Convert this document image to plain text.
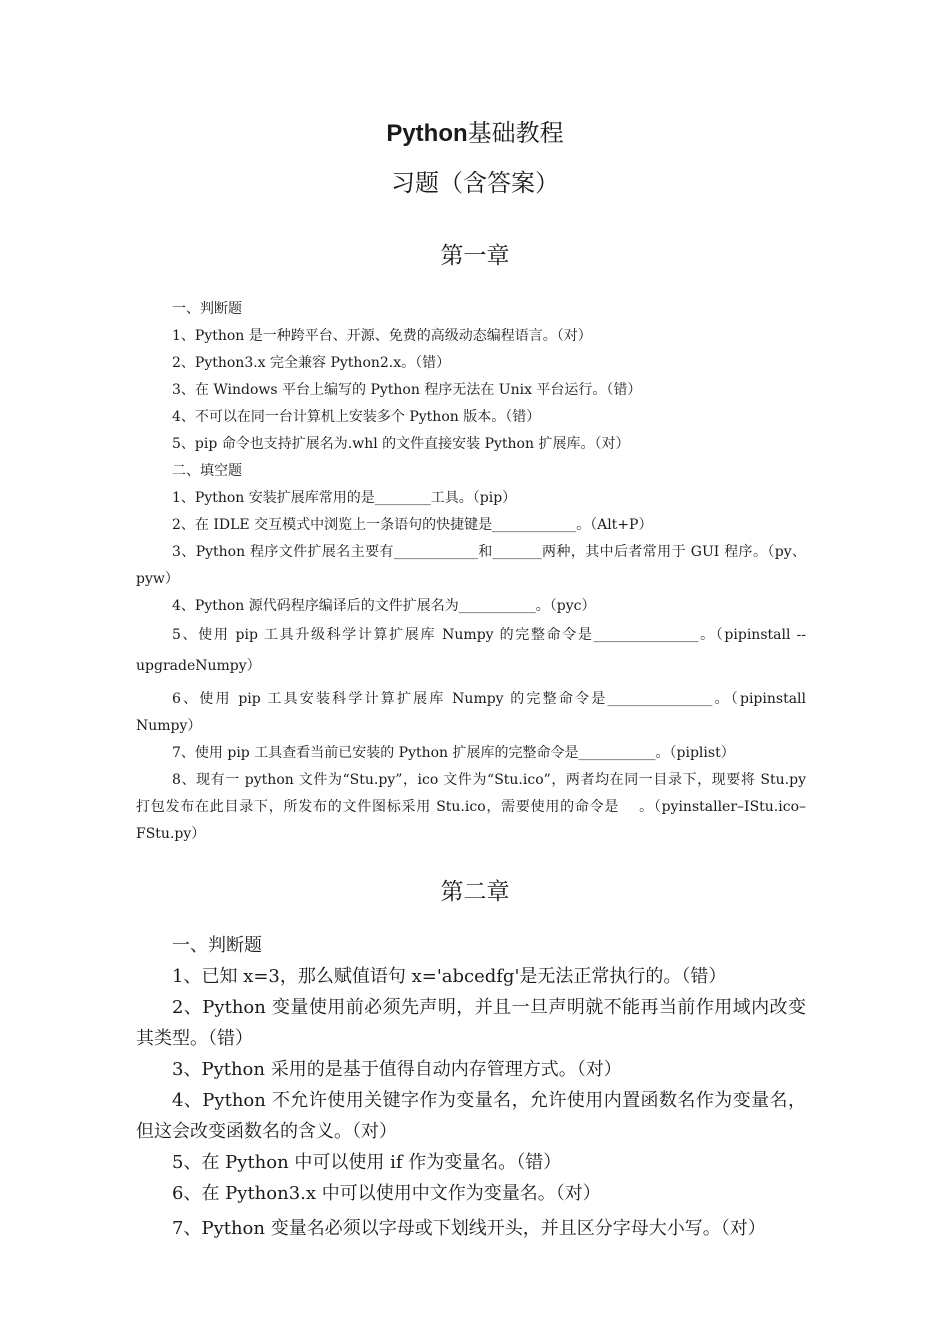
Python基础教程
习题（含答案）
第一章

一、判断题

1、Python 是一种跨平台、开源、免费的高级动态编程语言。（对）

2、Python3.x 完全兼容 Python2.x。（错）

3、在 Windows 平台上编写的 Python 程序无法在 Unix 平台运行。（错）

4、不可以在同一台计算机上安装多个 Python 版本。（错）

5、pip 命令也支持扩展名为.whl 的文件直接安装 Python 扩展库。（对）

二、填空题

1、Python 安装扩展库常用的是________工具。（pip）

2、在 IDLE 交互模式中浏览上一条语句的快捷键是____________。（Alt+P）

3、Python 程序文件扩展名主要有____________和_______两种，其中后者常用于 GUI 程序。（py、pyw）

4、Python 源代码程序编译后的文件扩展名为___________。（pyc）

5、使用 pip 工具升级科学计算扩展库 Numpy 的完整命令是_______________。（pipinstall --upgradeNumpy）

6、使用 pip 工具安装科学计算扩展库 Numpy 的完整命令是_______________。（pipinstall Numpy）

7、使用 pip 工具查看当前已安装的 Python 扩展库的完整命令是___________。（piplist）

8、现有一 python 文件为“Stu.py”，ico 文件为“Stu.ico”，两者均在同一目录下，现要将 Stu.py 打包发布在此目录下，所发布的文件图标采用 Stu.ico，需要使用的命令是　 。（pyinstaller–IStu.ico–FStu.py）

第二章

一、判断题

1、已知 x=3，那么赋值语句 x='abcedfg'是无法正常执行的。（错）

2、Python 变量使用前必须先声明，并且一旦声明就不能再当前作用域内改变其类型。（错）

3、Python 采用的是基于值得自动内存管理方式。（对）

4、Python 不允许使用关键字作为变量名，允许使用内置函数名作为变量名，但这会改变函数名的含义。（对）

5、在 Python 中可以使用 if 作为变量名。（错）

6、在 Python3.x 中可以使用中文作为变量名。（对）

7、Python 变量名必须以字母或下划线开头，并且区分字母大小写。（对）
